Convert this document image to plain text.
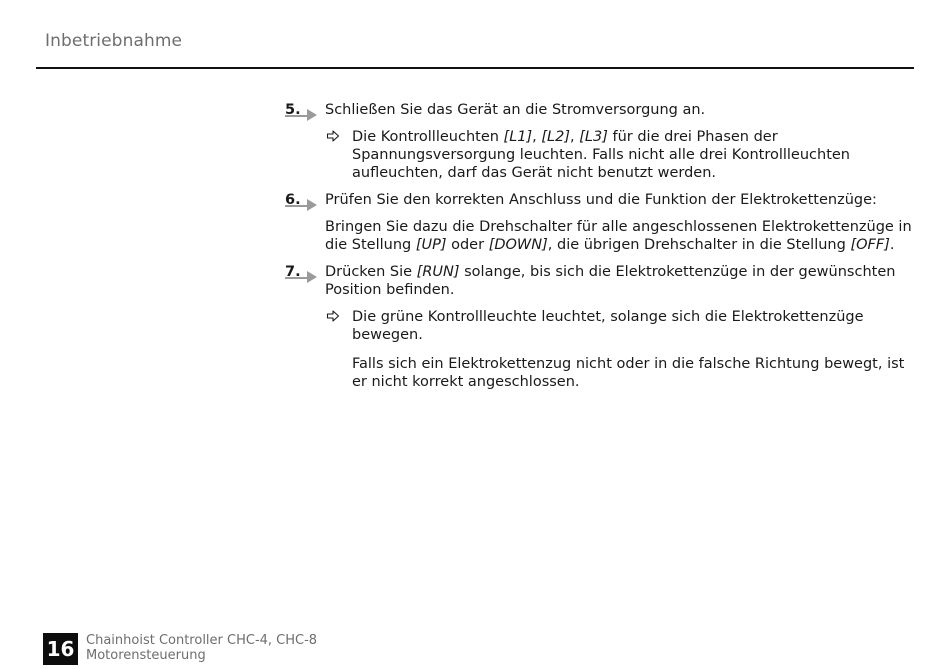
Inbetriebnahme
5. Schließen Sie das Gerät an die Stromversorgung an.

Die Kontrollleuchten [L1], [L2], [L3] für die drei Phasen der Spannungsversorgung leuchten. Falls nicht alle drei Kontrollleuchten aufleuchten, darf das Gerät nicht benutzt werden.

6. Prüfen Sie den korrekten Anschluss und die Funktion der Elektrokettenzüge:

Bringen Sie dazu die Drehschalter für alle angeschlossenen Elektrokettenzüge in die Stellung [UP] oder [DOWN], die übrigen Drehschalter in die Stellung [OFF].

7. Drücken Sie [RUN] solange, bis sich die Elektrokettenzüge in der gewünschten Position befinden.

Die grüne Kontrollleuchte leuchtet, solange sich die Elektrokettenzüge bewegen.

Falls sich ein Elektrokettenzug nicht oder in die falsche Richtung bewegt, ist er nicht korrekt angeschlossen.

16 Chainhoist Controller CHC-4, CHC-8
Motorensteuerung
